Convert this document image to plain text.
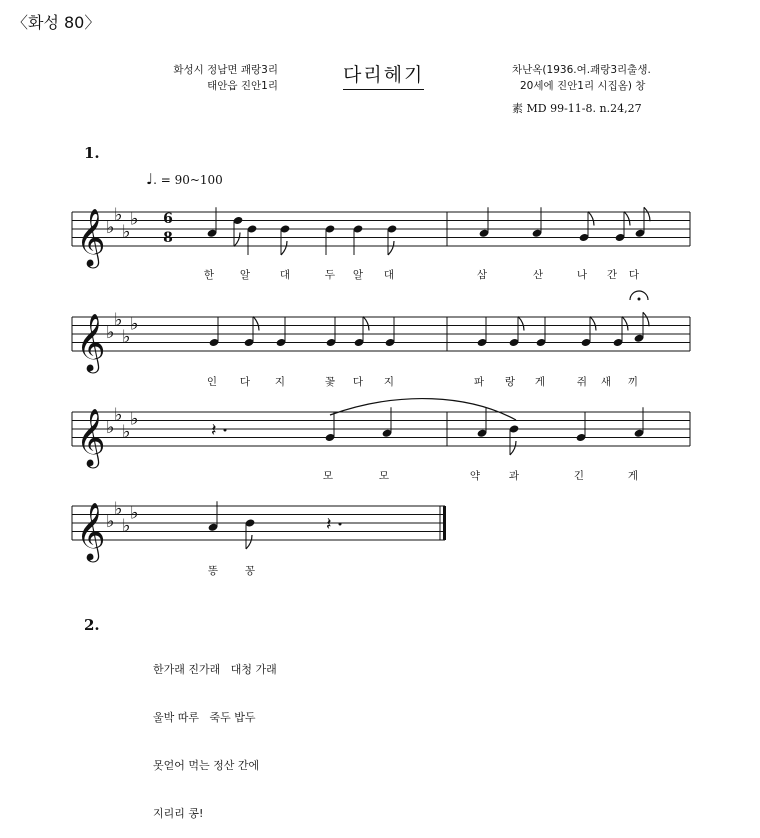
〈화성 80〉
화성시 정남면 괘랑3리
태안읍 진안1리	다리헤기	차난옥(1936.여.괘랑3리출생.
20세에 진안1리 시집옴) 창
素 MD 99-11-8. n.24,27
1.
♩. = 90~100
𝄞 ♭
♭
♭
♭
𝄞 ♭
♭
♭
♭
𝄞 ♭
♭
♭
♭
𝄞 ♭
♭
♭
♭
𝄽
𝄽
6
8
한 알	대	두 알 대	삼	산	나 간 다
인 다 지	꽃 다 지	파 랑 게	쥐 새 끼
모	모	약	과	긴	게
똥	꽁
2.

한가래 진가래   대청 가래

울박 따루   죽두 밥두

못얻어 먹는 정산 간에

지리리 콩!
